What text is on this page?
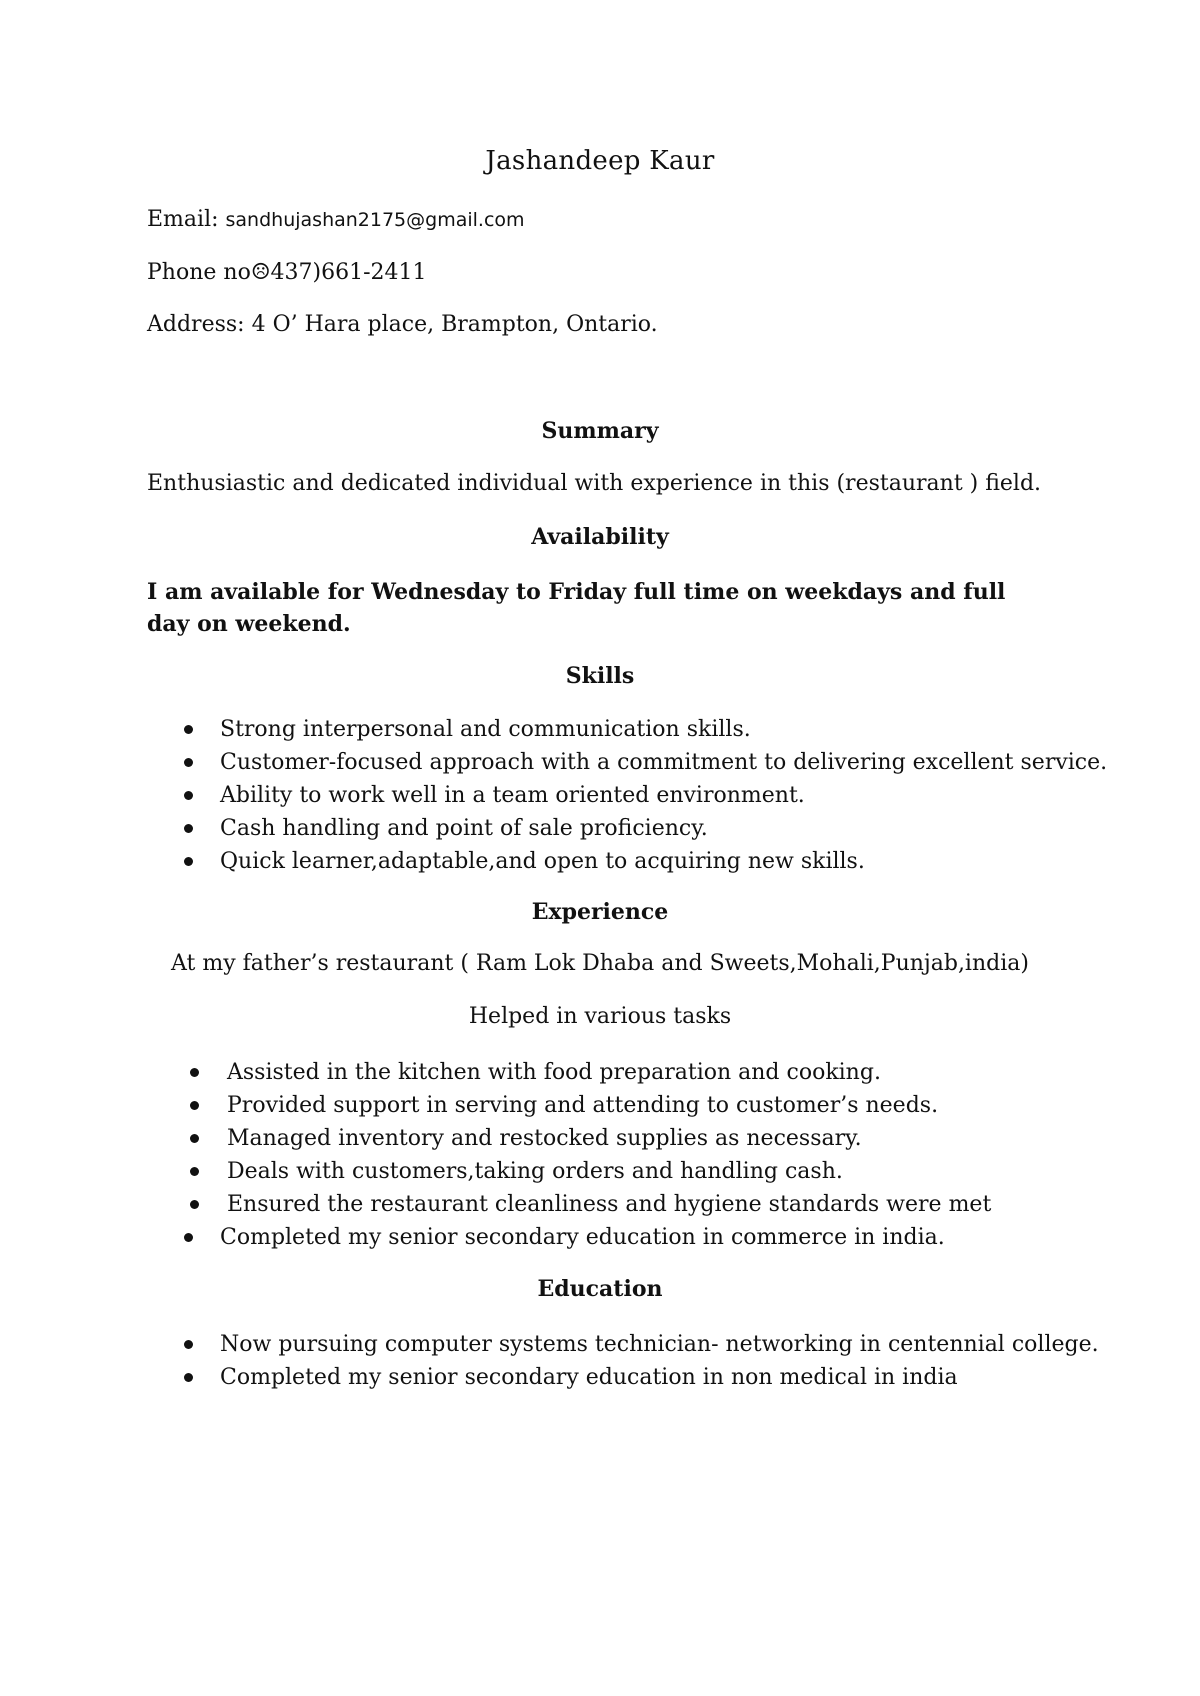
Jashandeep Kaur

Email: sandhujashan2175@gmail.com

Phone no☹437)661-2411

Address: 4 O’ Hara place, Brampton, Ontario.

Summary

Enthusiastic and dedicated individual with experience in this (restaurant ) field.

Availability

I am available for Wednesday to Friday full time on weekdays and full day on weekend.

Skills

Strong interpersonal and communication skills.
Customer-focused approach with a commitment to delivering excellent service.
Ability to work well in a team oriented environment.
Cash handling and point of sale proficiency.
Quick learner,adaptable,and open to acquiring new skills.

Experience

At my father’s restaurant ( Ram Lok Dhaba and Sweets,Mohali,Punjab,india)

Helped in various tasks

Assisted in the kitchen with food preparation and cooking.
Provided support in serving and attending to customer’s needs.
Managed inventory and restocked supplies as necessary.
Deals with customers,taking orders and handling cash.
Ensured the restaurant cleanliness and hygiene standards were met
Completed my senior secondary education in commerce in india.

Education

Now pursuing computer systems technician- networking in centennial college.
Completed my senior secondary education in non medical in india
